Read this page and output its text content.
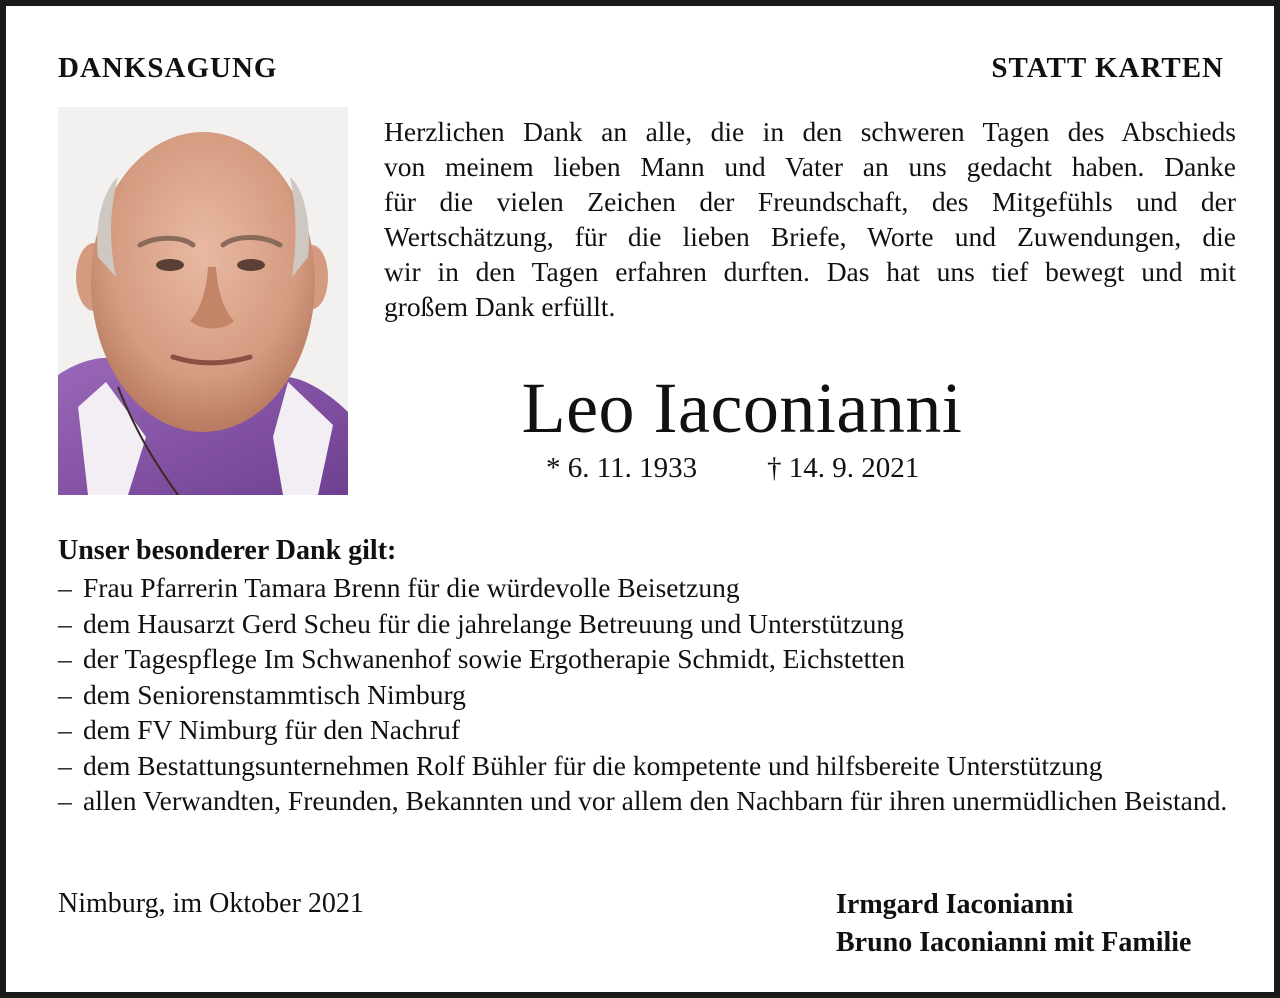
DANKSAGUNG	STATT KARTEN
Herzlichen Dank an alle, die in den schweren Tagen des Abschieds
von meinem lieben Mann und Vater an uns gedacht haben. Danke
für die vielen Zeichen der Freundschaft, des Mitgefühls und der
Wertschätzung, für die lieben Briefe, Worte und Zuwendungen, die
wir in den Tagen erfahren durften. Das hat uns tief bewegt und mit
großem Dank erfüllt.
Leo Iaconianni
* 6. 11. 1933 † 14. 9. 2021
Unser besonderer Dank gilt:
– Frau Pfarrerin Tamara Brenn für die würdevolle Beisetzung
– dem Hausarzt Gerd Scheu für die jahrelange Betreuung und Unterstützung
– der Tagespflege Im Schwanenhof sowie Ergotherapie Schmidt, Eichstetten
– dem Seniorenstammtisch Nimburg
– dem FV Nimburg für den Nachruf
– dem Bestattungsunternehmen Rolf Bühler für die kompetente und hilfsbereite Unterstützung
– allen Verwandten, Freunden, Bekannten und vor allem den Nachbarn für ihren unermüdlichen Beistand.
Nimburg, im Oktober 2021	Irmgard Iaconianni
Bruno Iaconianni mit Familie
